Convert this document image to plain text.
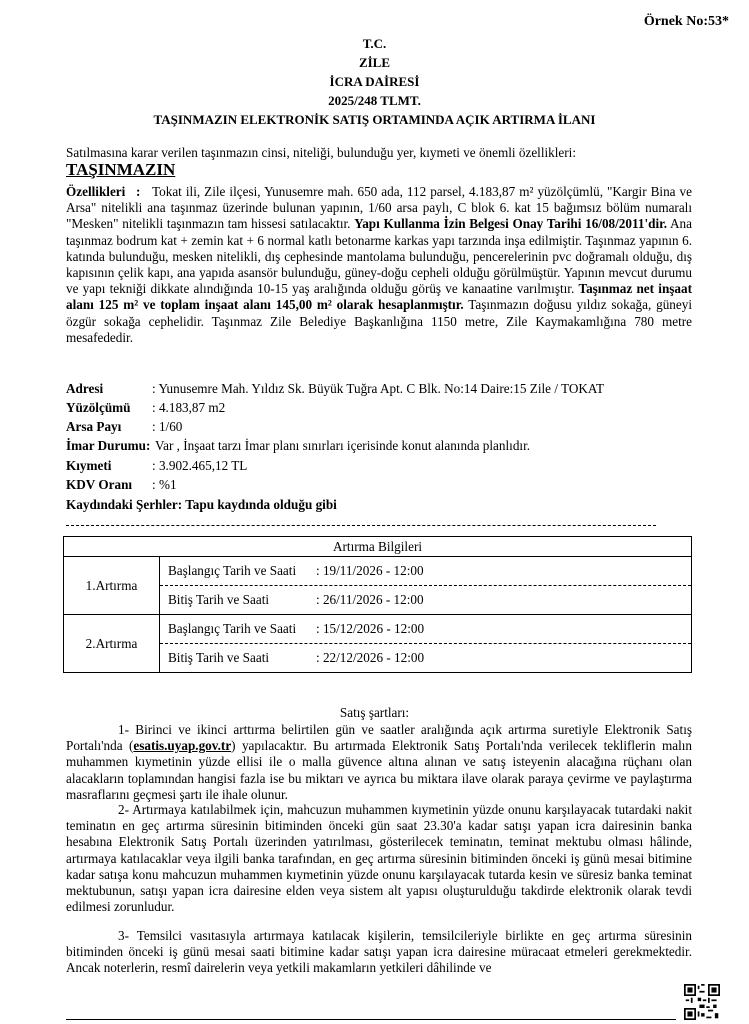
Örnek No:53*
T.C.
ZİLE
İCRA DAİRESİ
2025/248 TLMT.
TAŞINMAZIN ELEKTRONİK SATIŞ ORTAMINDA AÇIK ARTIRMA İLANI
Satılmasına karar verilen taşınmazın cinsi, niteliği, bulunduğu yer, kıymeti ve önemli özellikleri:
TAŞINMAZIN
Özellikleri : Tokat ili, Zile ilçesi, Yunusemre mah. 650 ada, 112 parsel, 4.183,87 m² yüzölçümlü, "Kargir Bina ve Arsa" nitelikli ana taşınmaz üzerinde bulunan yapının, 1/60 arsa paylı, C blok 6. kat 15 bağımsız bölüm numaralı "Mesken" nitelikli taşınmazın tam hissesi satılacaktır. Yapı Kullanma İzin Belgesi Onay Tarihi 16/08/2011'dir. Ana taşınmaz bodrum kat + zemin kat + 6 normal katlı betonarme karkas yapı tarzında inşa edilmiştir. Taşınmaz yapının 6. katında bulunduğu, mesken nitelikli, dış cephesinde mantolama bulunduğu, pencerelerinin pvc doğramalı olduğu, dış kapısının çelik kapı, ana yapıda asansör bulunduğu, güney-doğu cepheli olduğu görülmüştür. Yapının mevcut durumu ve yapı tekniği dikkate alındığında 10-15 yaş aralığında olduğu görüş ve kanaatine varılmıştır. Taşınmaz net inşaat alanı 125 m² ve toplam inşaat alanı 145,00 m² olarak hesaplanmıştır. Taşınmazın doğusu yıldız sokağa, güneyi özgür sokağa cephelidir. Taşınmaz Zile Belediye Başkanlığına 1150 metre, Zile Kaymakamlığına 780 metre mesafededir.
Adresi	: Yunusemre Mah. Yıldız Sk. Büyük Tuğra Apt. C Blk. No:14 Daire:15 Zile / TOKAT
Yüzölçümü : 4.183,87 m2
Arsa Payı : 1/60
İmar Durumu: Var , İnşaat tarzı İmar planı sınırları içerisinde konut alanında planlıdır.
Kıymeti	: 3.902.465,12 TL
KDV Oranı : %1
Kaydındaki Şerhler: Tapu kaydında olduğu gibi
Artırma Bilgileri	
1.Artırma	Başlangıç Tarih ve Saati : 19/11/2026 - 12:00
Bitiş Tarih ve Saati : 26/11/2026 - 12:00

2.Artırma	Başlangıç Tarih ve Saati : 15/12/2026 - 12:00
Bitiş Tarih ve Saati : 22/12/2026 - 12:00
Satış şartları:
1- Birinci ve ikinci arttırma belirtilen gün ve saatler aralığında açık artırma suretiyle Elektronik Satış Portalı'nda (esatis.uyap.gov.tr) yapılacaktır. Bu artırmada Elektronik Satış Portalı'nda verilecek tekliflerin malın muhammen kıymetinin yüzde ellisi ile o malla güvence altına alınan ve satış isteyenin alacağına rüçhanı olan alacakların toplamından hangisi fazla ise bu miktarı ve ayrıca bu miktara ilave olarak paraya çevirme ve paylaştırma masraflarını geçmesi şartı ile ihale olunur.
2- Artırmaya katılabilmek için, mahcuzun muhammen kıymetinin yüzde onunu karşılayacak tutardaki nakit teminatın en geç artırma süresinin bitiminden önceki gün saat 23.30'a kadar satışı yapan icra dairesinin banka hesabına Elektronik Satış Portalı üzerinden yatırılması, gösterilecek teminatın, teminat mektubu olması hâlinde, artırmaya katılacaklar veya ilgili banka tarafından, en geç artırma süresinin bitiminden önceki iş günü mesai bitimine kadar satışa konu mahcuzun muhammen kıymetinin yüzde onunu karşılayacak tutarda kesin ve süresiz banka teminat mektubunun, satışı yapan icra dairesine elden veya sistem alt yapısı oluşturulduğu takdirde elektronik olarak tevdi edilmesi zorunludur.
3- Temsilci vasıtasıyla artırmaya katılacak kişilerin, temsilcileriyle birlikte en geç artırma süresinin bitiminden önceki iş günü mesai saati bitimine kadar satışı yapan icra dairesine müracaat etmeleri gerekmektedir. Ancak noterlerin, resmî dairelerin veya yetkili makamların yetkileri dâhilinde ve
